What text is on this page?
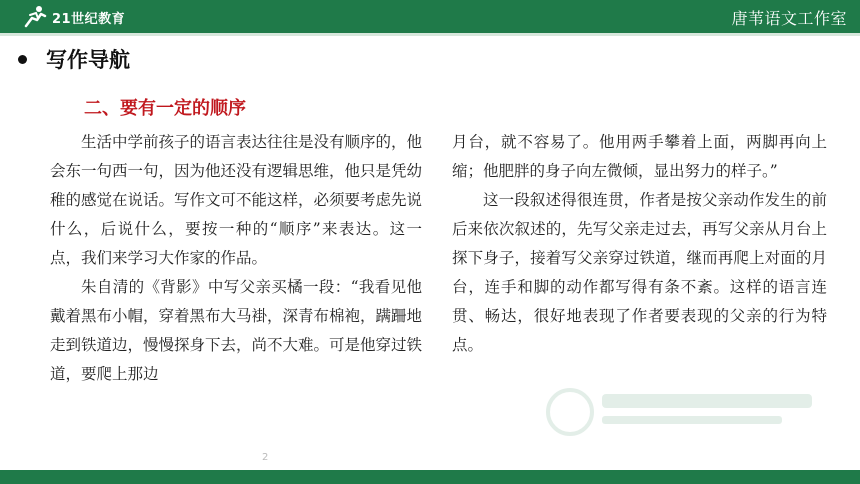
21世纪教育	唐苇语文工作室
写作导航
二、要有一定的顺序

生活中学前孩子的语言表达往往是没有顺序的，他会东一句西一句，因为他还没有逻辑思维，他只是凭幼稚的感觉在说话。写作文可不能这样，必须要考虑先说什么，后说什么，要按一种的“顺序”来表达。这一点，我们来学习大作家的作品。

朱自清的《背影》中写父亲买橘一段：“我看见他戴着黑布小帽，穿着黑布大马褂，深青布棉袍，蹒跚地走到铁道边，慢慢探身下去，尚不大难。可是他穿过铁道，要爬上那边

月台，就不容易了。他用两手攀着上面，两脚再向上缩；他肥胖的身子向左微倾，显出努力的样子。”

这一段叙述得很连贯，作者是按父亲动作发生的前后来依次叙述的，先写父亲走过去，再写父亲从月台上探下身子，接着写父亲穿过铁道，继而再爬上对面的月台，连手和脚的动作都写得有条不紊。这样的语言连贯、畅达，很好地表现了作者要表现的父亲的行为特点。

2
